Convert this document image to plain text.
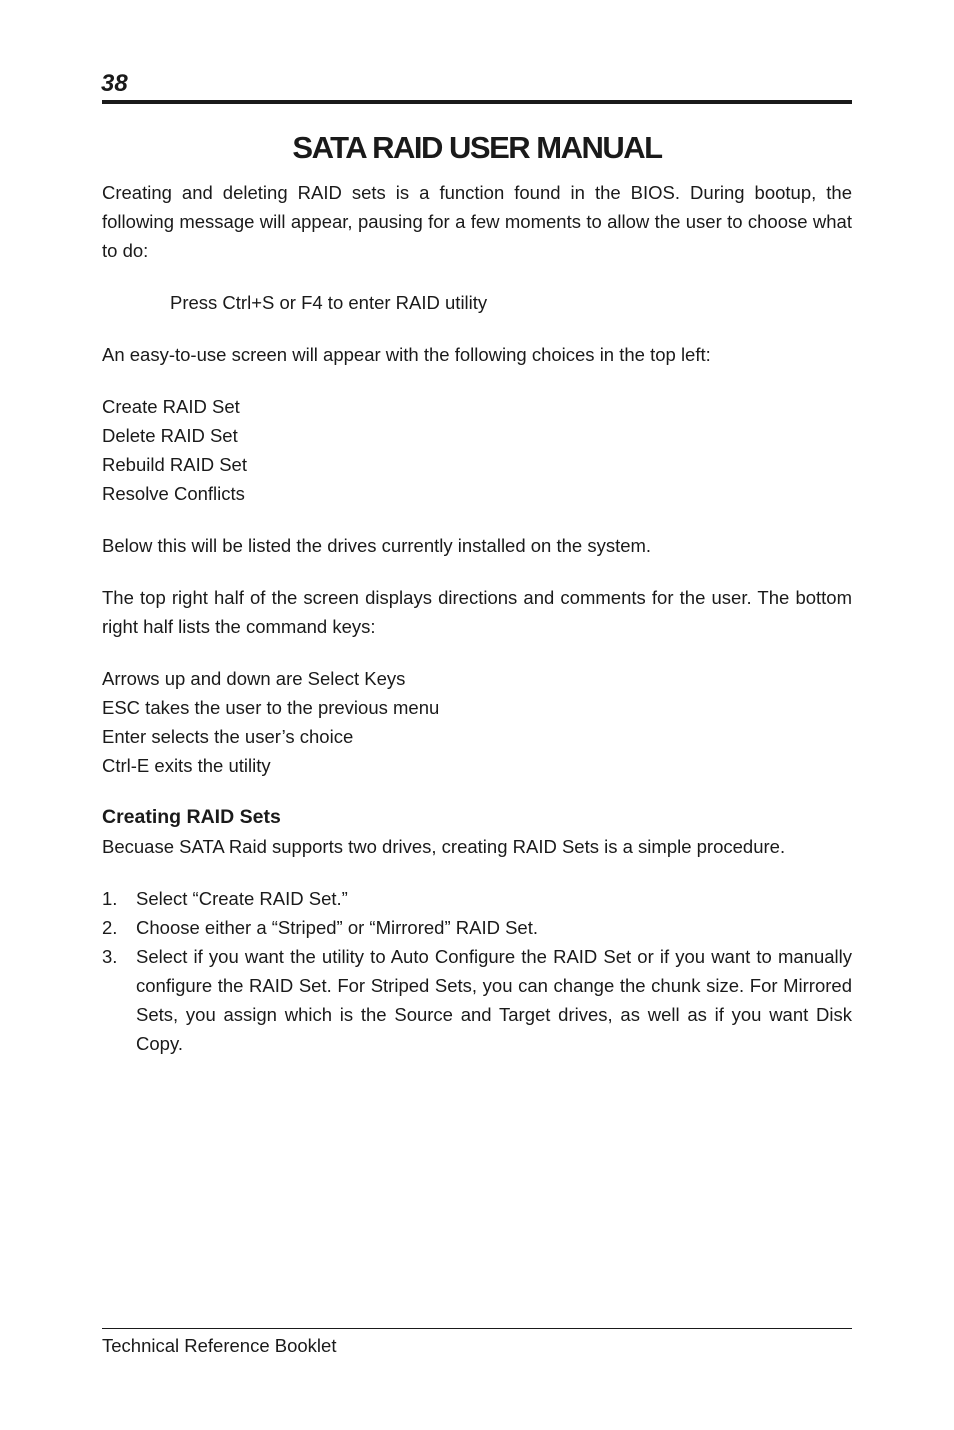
38
SATA RAID USER MANUAL

Creating and deleting RAID sets is a function found in the BIOS. During bootup, the following message will appear, pausing for a few moments to allow the user to choose what to do:

Press Ctrl+S or F4 to enter RAID utility

An easy-to-use screen will appear with the following choices in the top left:

Create RAID Set
Delete RAID Set
Rebuild RAID Set
Resolve Conflicts

Below this will be listed the drives currently installed on the system.

The top right half of the screen displays directions and comments for the user. The bottom right half lists the command keys:

Arrows up and down are Select Keys
ESC takes the user to the previous menu
Enter selects the user’s choice
Ctrl-E exits the utility

Creating RAID Sets

Becuase SATA Raid supports two drives, creating RAID Sets is a simple procedure.

1. Select “Create RAID Set.”
2. Choose either a “Striped” or “Mirrored” RAID Set.
3. Select if you want the utility to Auto Configure the RAID Set or if you want to manually configure the RAID Set. For Striped Sets, you can change the chunk size. For Mirrored Sets, you assign which is the Source and Target drives, as well as if you want Disk Copy.
Technical Reference Booklet
